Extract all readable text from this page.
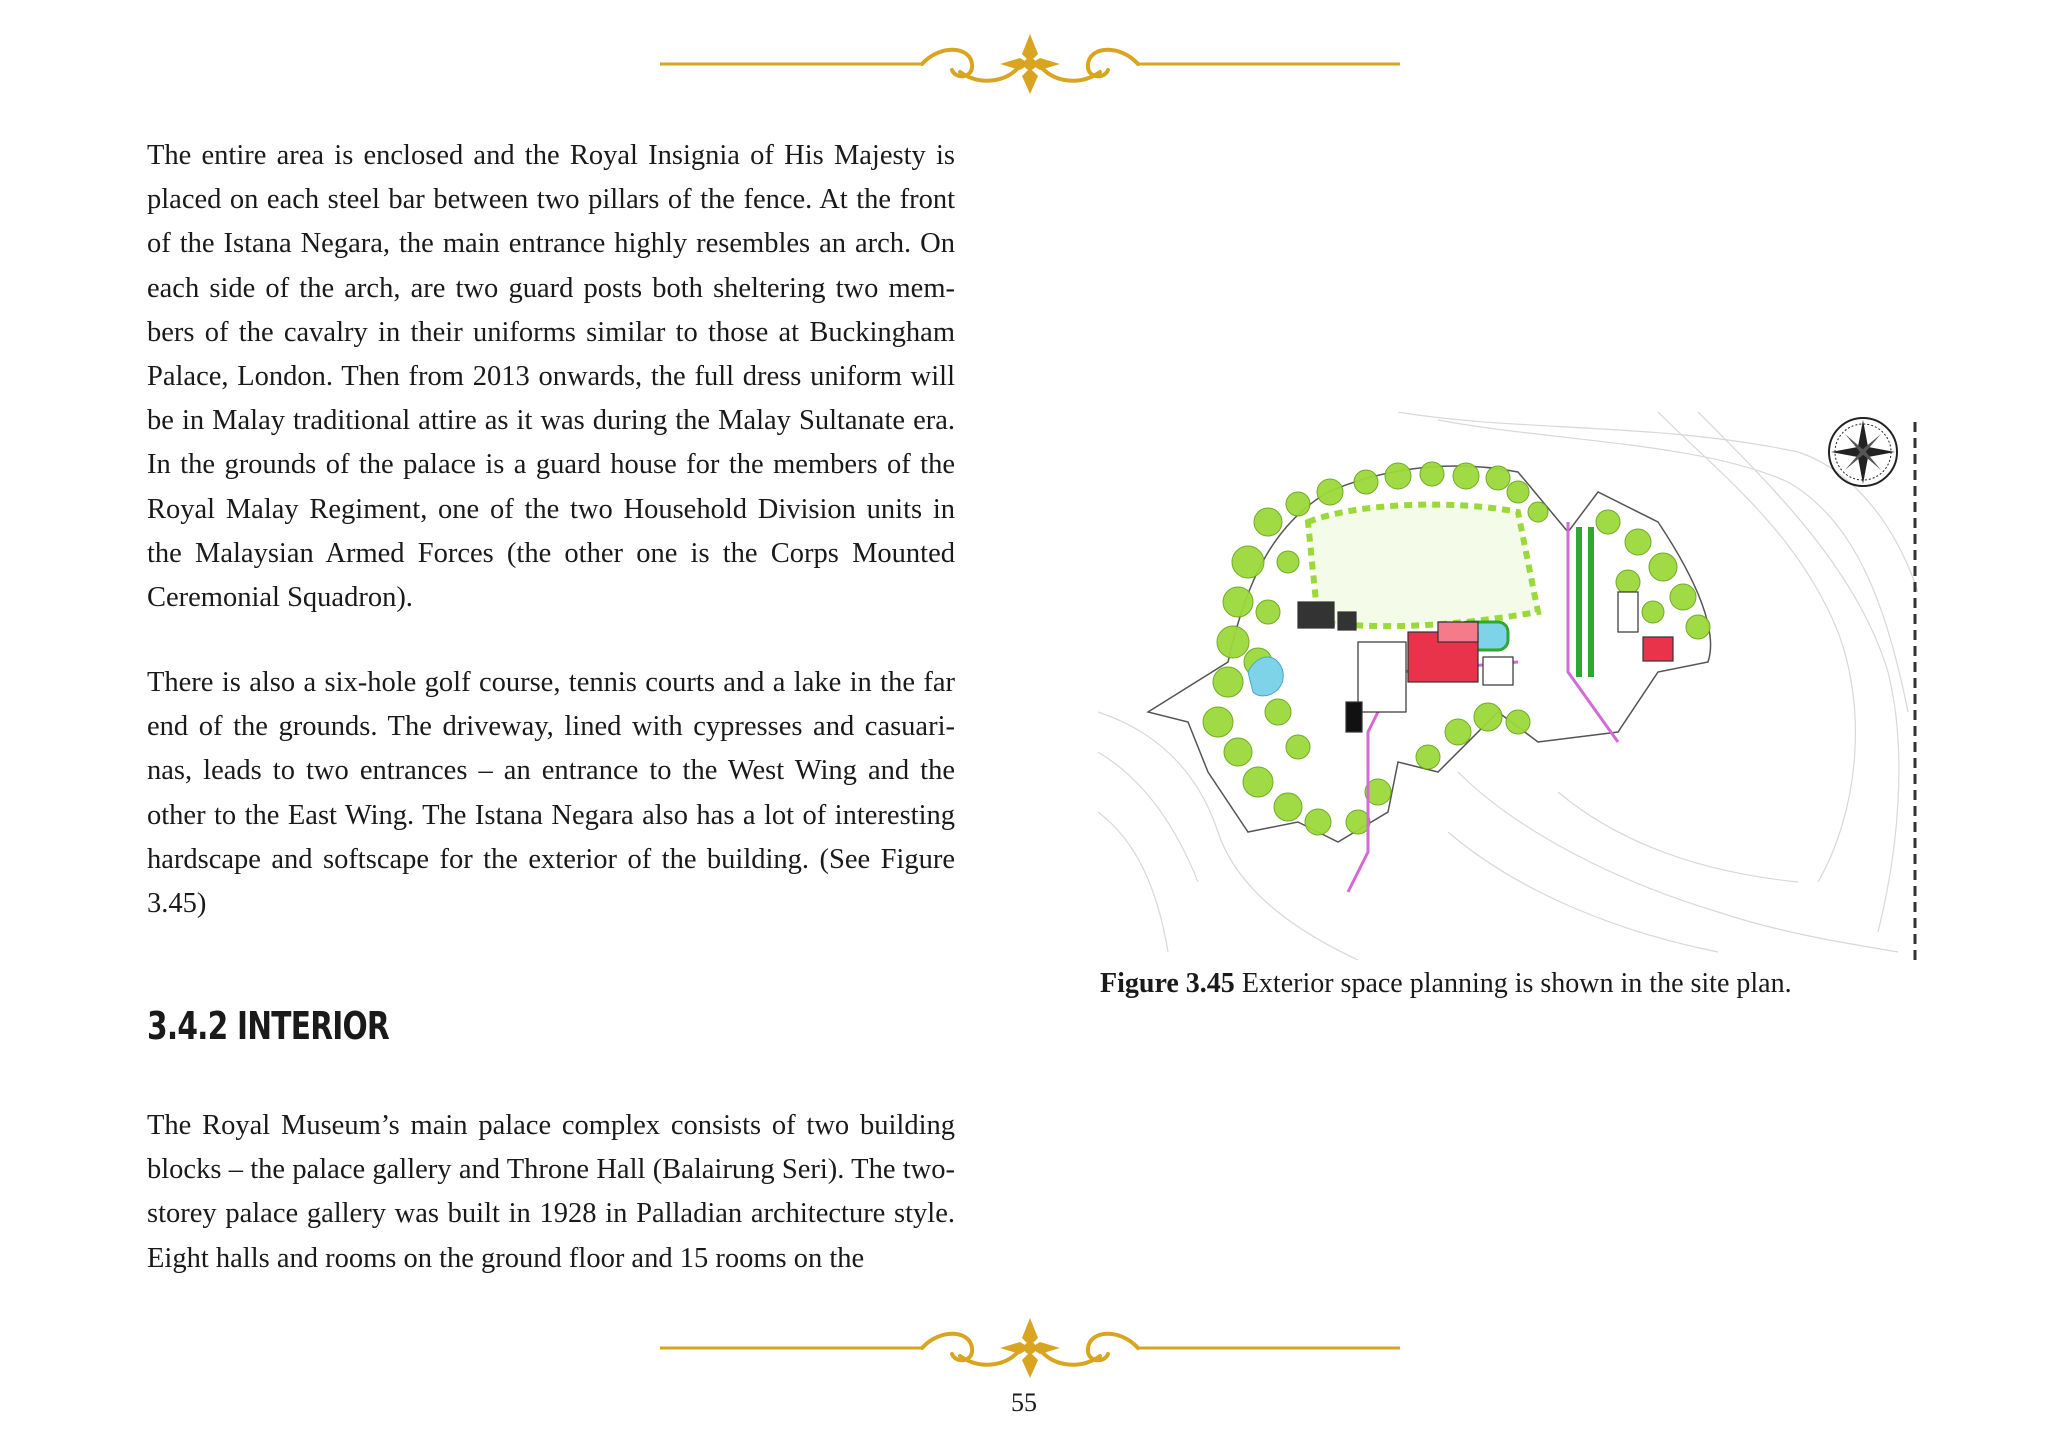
The entire area is enclosed and the Royal Insignia of His Majesty is placed on each steel bar between two pillars of the fence. At the front of the Istana Negara, the main entrance highly resembles an arch. On each side of the arch, are two guard posts both sheltering two members of the cavalry in their uniforms similar to those at Buckingham Palace, London. Then from 2013 onwards, the full dress uniform will be in Malay traditional attire as it was during the Malay Sultanate era. In the grounds of the palace is a guard house for the members of the Royal Malay Regiment, one of the two Household Division units in the Malaysian Armed Forces (the other one is the Corps Mounted Ceremonial Squadron).

There is also a six-hole golf course, tennis courts and a lake in the far end of the grounds. The driveway, lined with cypresses and casuarinas, leads to two entrances – an entrance to the West Wing and the other to the East Wing. The Istana Negara also has a lot of interesting hardscape and softscape for the exterior of the building. (See Figure 3.45)

3.4.2 INTERIOR

The Royal Museum’s main palace complex consists of two building blocks – the palace gallery and Throne Hall (Balairung Seri). The two-storey palace gallery was built in 1928 in Palladian architecture style. Eight halls and rooms on the ground floor and 15 rooms on the

Figure 3.45 Exterior space planning is shown in the site plan.
55
